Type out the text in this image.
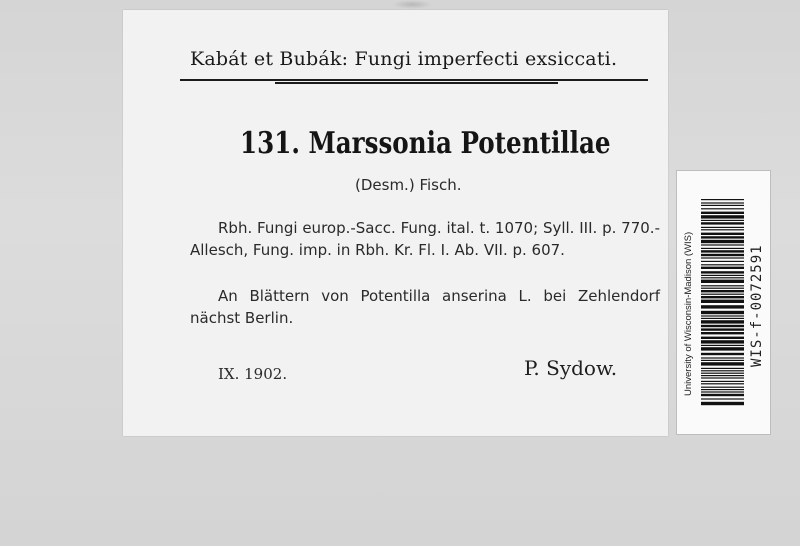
Kabát et Bubák: Fungi imperfecti exsiccati.
131. Marssonia Potentillae
(Desm.) Fisch.
Rbh. Fungi europ.-Sacc. Fung. ital. t. 1070; Syll. III. p. 770.-Allesch, Fung. imp. in Rbh. Kr. Fl. I. Ab. VII. p. 607.
An Blättern von Potentilla anserina L. bei Zehlendorf nächst Berlin.
IX. 1902.	P. Sydow.	University of Wisconsin-Madison (WIS)	WIS-f-0072591
